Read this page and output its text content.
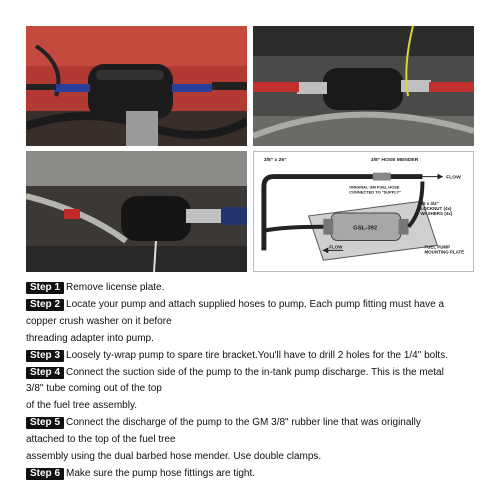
3/8" x 26"	3/8" HOSE MENDER
ORIGINAL GM FUEL HOSE
CONNECTED TO "SUPPLY"
FLOW
32 x 3/4"
LOCKNUT (4x)
WASHERS (4x)
GSL-392
FLOW	FUEL PUMP
MOUNTING PLATE
Step 1 Remove license plate.
Step 2 Locate your pump and attach supplied hoses to pump. Each pump fitting must have a
copper crush washer on it before
threading adapter into pump.
Step 3 Loosely ty-wrap pump to spare tire bracket.You'll have to drill 2 holes for the 1/4" bolts.
Step 4 Connect the suction side of the pump to the in-tank pump discharge. This is the metal
3/8" tube coming out of the top
of the fuel tree assembly.
Step 5 Connect the discharge of the pump to the GM 3/8" rubber line that was originally
attached to the top of the fuel tree
assembly using the dual barbed hose mender. Use double clamps.
Step 6 Make sure the pump hose fittings are tight.
